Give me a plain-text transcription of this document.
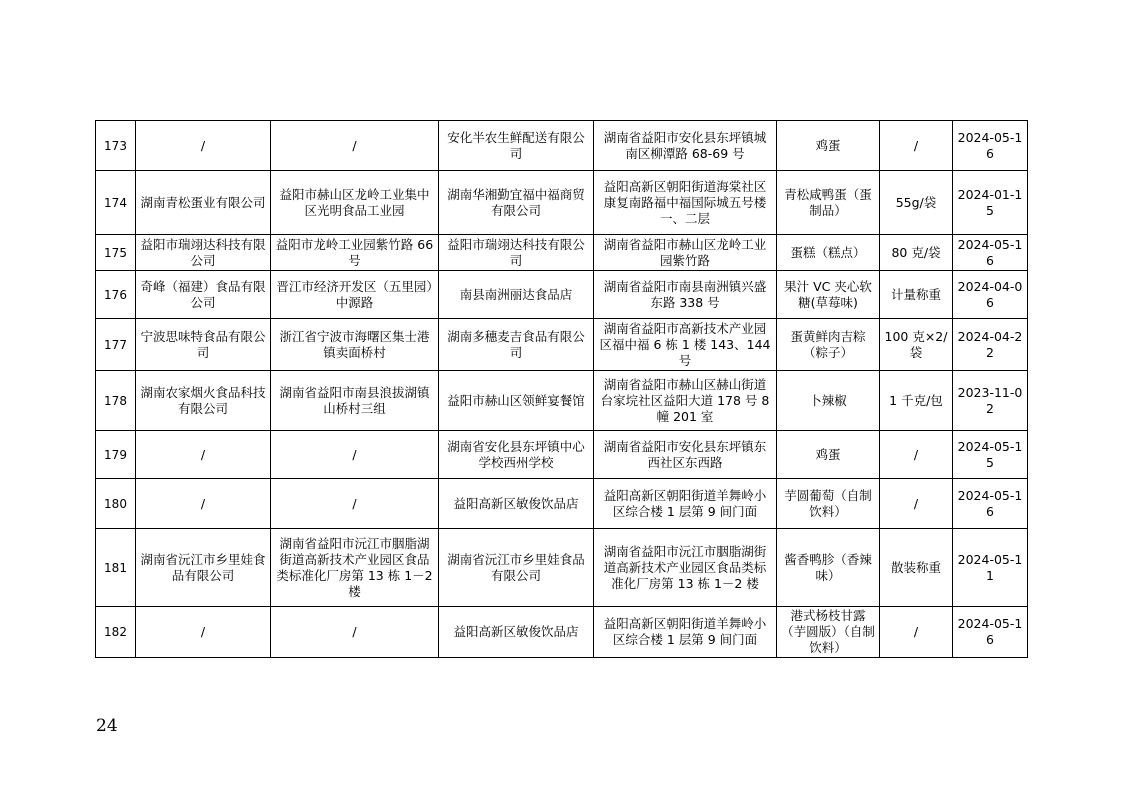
173	/	/	安化半农生鲜配送有限公司	湖南省益阳市安化县东坪镇城南区柳潭路 68-69 号	鸡蛋	/	2024-05-16
174	湖南青松蛋业有限公司	益阳市赫山区龙岭工业集中区光明食品工业园	湖南华湘勤宜福中福商贸有限公司	益阳高新区朝阳街道海棠社区康复南路福中福国际城五号楼一、二层	青松咸鸭蛋（蛋制品）	55g/袋	2024-01-15
175	益阳市瑞翊达科技有限公司	益阳市龙岭工业园紫竹路 66 号	益阳市瑞翊达科技有限公司	湖南省益阳市赫山区龙岭工业园紫竹路	蛋糕（糕点）	80 克/袋	2024-05-16
176	奇峰（福建）食品有限公司	晋江市经济开发区（五里园）中源路	南县南洲丽达食品店	湖南省益阳市南县南洲镇兴盛东路 338 号	果汁 VC 夹心软糖(草莓味)	计量称重	2024-04-06
177	宁波思味特食品有限公司	浙江省宁波市海曙区集士港镇卖面桥村	湖南多穗麦吉食品有限公司	湖南省益阳市高新技术产业园区福中福 6 栋 1 楼 143、144 号	蛋黄鲜肉吉粽（粽子）	100 克×2/袋	2024-04-22
178	湖南农家烟火食品科技有限公司	湖南省益阳市南县浪拔湖镇山桥村三组	益阳市赫山区领鲜宴餐馆	湖南省益阳市赫山区赫山街道台家垸社区益阳大道 178 号 8 幢 201 室	卜辣椒	1 千克/包	2023-11-02
179	/	/	湖南省安化县东坪镇中心学校西州学校	湖南省益阳市安化县东坪镇东西社区东西路	鸡蛋	/	2024-05-15
180	/	/	益阳高新区敏俊饮品店	益阳高新区朝阳街道羊舞岭小区综合楼 1 层第 9 间门面	芋圆葡萄（自制饮料）	/	2024-05-16
181	湖南省沅江市乡里娃食品有限公司	湖南省益阳市沅江市胭脂湖街道高新技术产业园区食品类标准化厂房第 13 栋 1－2 楼	湖南省沅江市乡里娃食品有限公司	湖南省益阳市沅江市胭脂湖街道高新技术产业园区食品类标准化厂房第 13 栋 1－2 楼	酱香鸭胗（香辣味）	散装称重	2024-05-11
182	/	/	益阳高新区敏俊饮品店	益阳高新区朝阳街道羊舞岭小区综合楼 1 层第 9 间门面	港式杨枝甘露（芋圆版）（自制饮料）	/	2024-05-16
24
